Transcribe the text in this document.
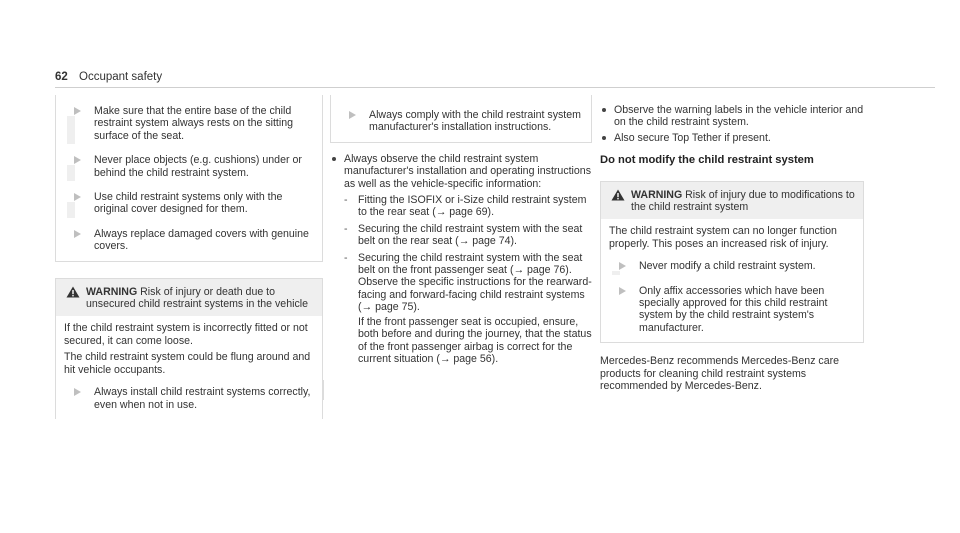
62 Occupant safety
Make sure that the entire base of the child restraint system always rests on the sitting surface of the seat.
Never place objects (e.g. cushions) under or behind the child restraint system.
Use child restraint systems only with the original cover designed for them.
Always replace damaged covers with genuine covers.
WARNING Risk of injury or death due to unsecured child restraint systems in the vehicle

If the child restraint system is incorrectly fitted or not secured, it can come loose.

The child restraint system could be flung around and hit vehicle occupants.

Always install child restraint systems correctly, even when not in use.
Always comply with the child restraint system manufacturer's installation instructions.
Always observe the child restraint system manufacturer's installation and operating instructions as well as the vehicle-specific information:
- Fitting the ISOFIX or i-Size child restraint system to the rear seat (→ page 69).
- Securing the child restraint system with the seat belt on the rear seat (→ page 74).
- Securing the child restraint system with the seat belt on the front passenger seat (→ page 76). Observe the specific instructions for the rearward-facing and forward-facing child restraint systems (→ page 75).

If the front passenger seat is occupied, ensure, both before and during the journey, that the status of the front passenger airbag is correct for the current situation (→ page 56).

Observe the warning labels in the vehicle interior and on the child restraint system.
Also secure Top Tether if present.
Do not modify the child restraint system
WARNING Risk of injury due to modifications to the child restraint system

The child restraint system can no longer function properly. This poses an increased risk of injury.

Never modify a child restraint system.
Only affix accessories which have been specially approved for this child restraint system by the child restraint system's manufacturer.

Mercedes-Benz recommends Mercedes-Benz care products for cleaning child restraint systems recommended by Mercedes-Benz.
